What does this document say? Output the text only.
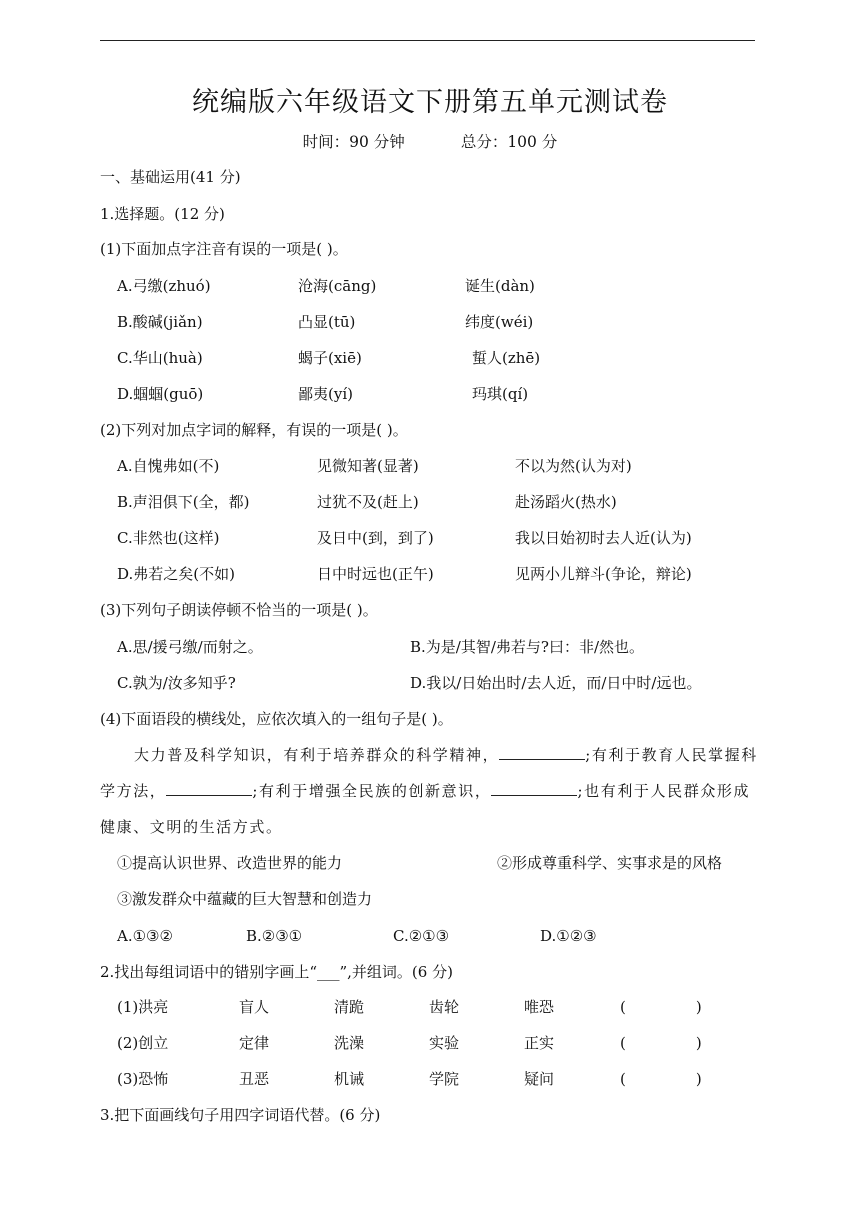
统编版六年级语文下册第五单元测试卷
时间：90 分钟	总分：100 分
一、基础运用(41 分)
1.选择题。(12 分)
(1)下面加点字注音有误的一项是( )。
A.弓缴(zhuó)	沧海(cāng)	诞生(dàn)
B.酸碱(jiǎn)	凸显(tū)	纬度(wéi)
C.华山(huà)	蝎子(xiē)	蜇人(zhē)
D.蝈蝈(guō)	鄙夷(yí)	玛琪(qí)
(2)下列对加点字词的解释，有误的一项是( )。
A.自愧弗如(不)	见微知著(显著)	不以为然(认为对)
B.声泪俱下(全，都)	过犹不及(赶上)	赴汤蹈火(热水)
C.非然也(这样)	及日中(到，到了)	我以日始初时去人近(认为)
D.弗若之矣(不如)	日中时远也(正午)	见两小儿辩斗(争论，辩论)
(3)下列句子朗读停顿不恰当的一项是( )。
A.思/援弓缴/而射之。	B.为是/其智/弗若与?曰：非/然也。
C.孰为/汝多知乎?	D.我以/日始出时/去人近，而/日中时/远也。
(4)下面语段的横线处，应依次填入的一组句子是( )。
大力普及科学知识，有利于培养群众的科学精神，	;有利于教育人民掌握科学方法，	;有利于增强全民族的创新意识，	;也有利于人民群众形成健康、文明的生活方式。
①提高认识世界、改造世界的能力	②形成尊重科学、实事求是的风格
③激发群众中蕴藏的巨大智慧和创造力
A.①③②	B.②③①	C.②①③	D.①②③
2.找出每组词语中的错别字画上“___”,并组词。(6 分)
(1)洪亮	盲人	清跪	齿轮	唯恐	(	)
(2)创立	定律	洗澡	实验	正实	(	)
(3)恐怖	丑恶	机诫	学院	疑问	(	)
3.把下面画线句子用四字词语代替。(6 分)
